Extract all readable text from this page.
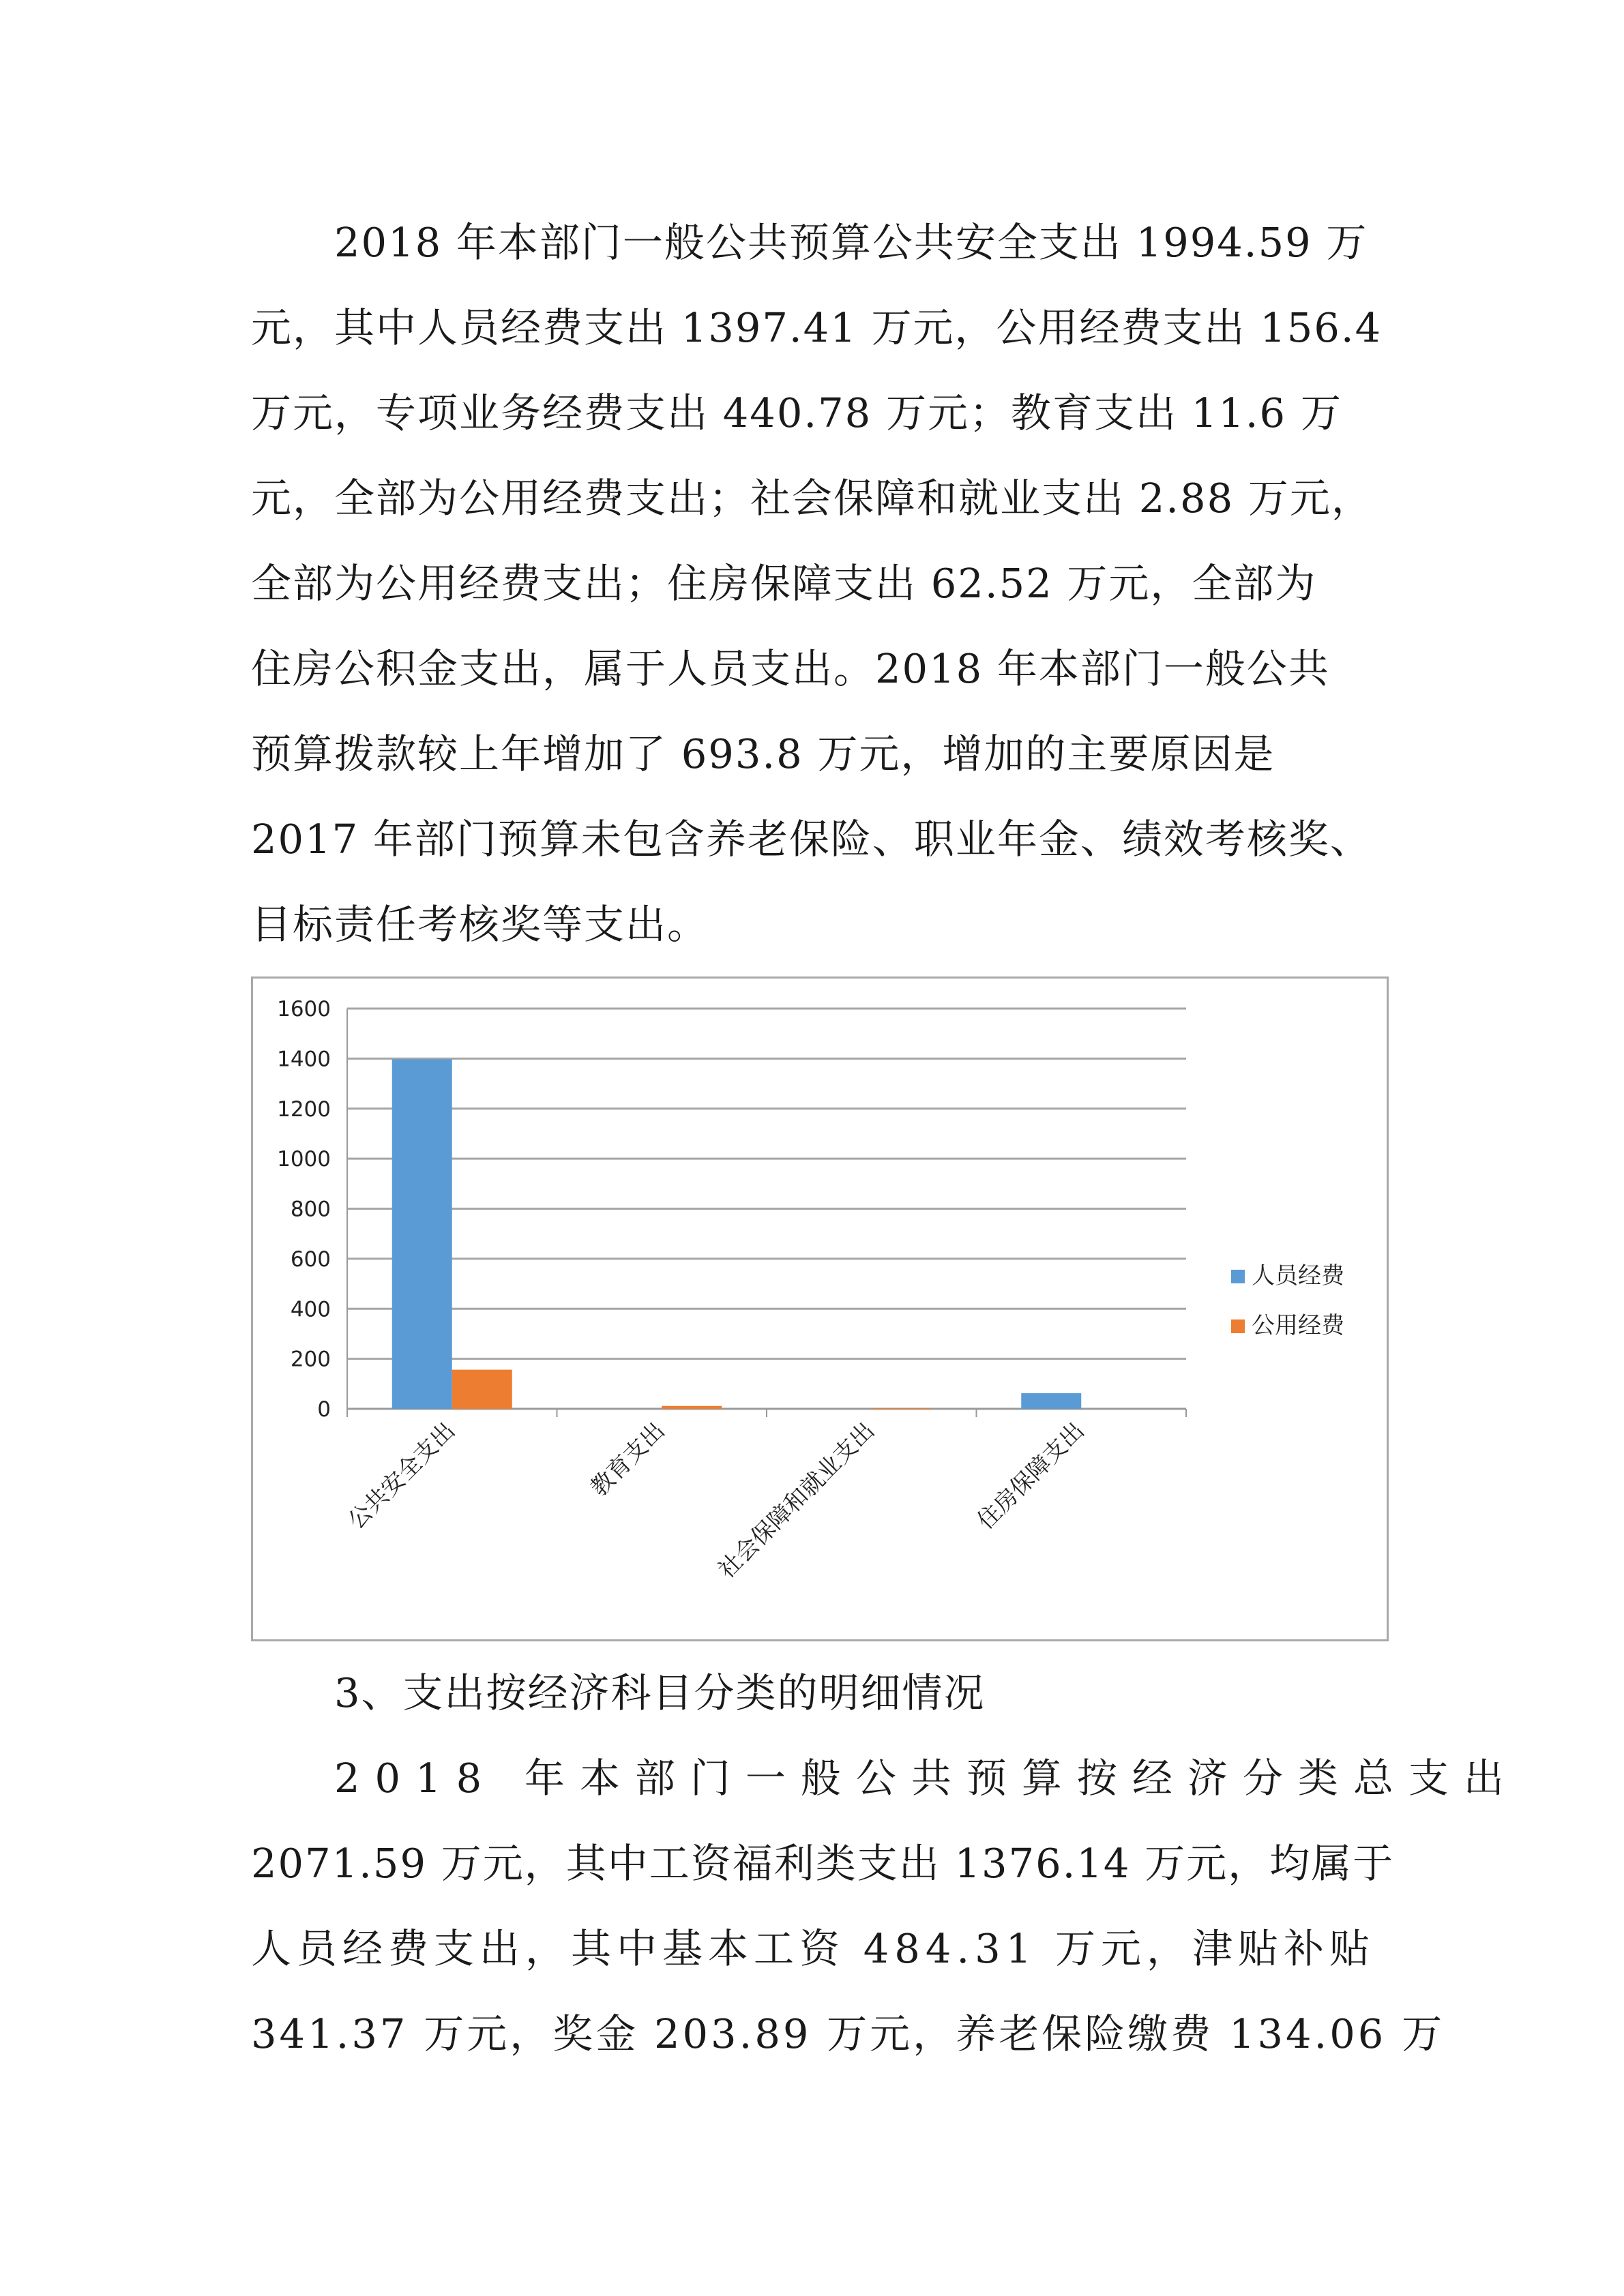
2018 年本部门一般公共预算公共安全支出 1994.59 万
元，其中人员经费支出 1397.41 万元，公用经费支出 156.4
万元，专项业务经费支出 440.78 万元；教育支出 11.6 万
元，全部为公用经费支出；社会保障和就业支出 2.88 万元，
全部为公用经费支出；住房保障支出 62.52 万元，全部为
住房公积金支出，属于人员支出。2018 年本部门一般公共
预算拨款较上年增加了 693.8 万元，增加的主要原因是
2017 年部门预算未包含养老保险、职业年金、绩效考核奖、
目标责任考核奖等支出。
0
200
400
600
800
1000
1200
1400
1600
公共安全支出	教育支出 社会保障和就业支出	住房保障支出
人员经费
公用经费
3、支出按经济科目分类的明细情况
2018 年本部门一般公共预算按经济分类总支出
2071.59 万元，其中工资福利类支出 1376.14 万元，均属于
人员经费支出，其中基本工资 484.31 万元，津贴补贴
341.37 万元，奖金 203.89 万元，养老保险缴费 134.06 万
